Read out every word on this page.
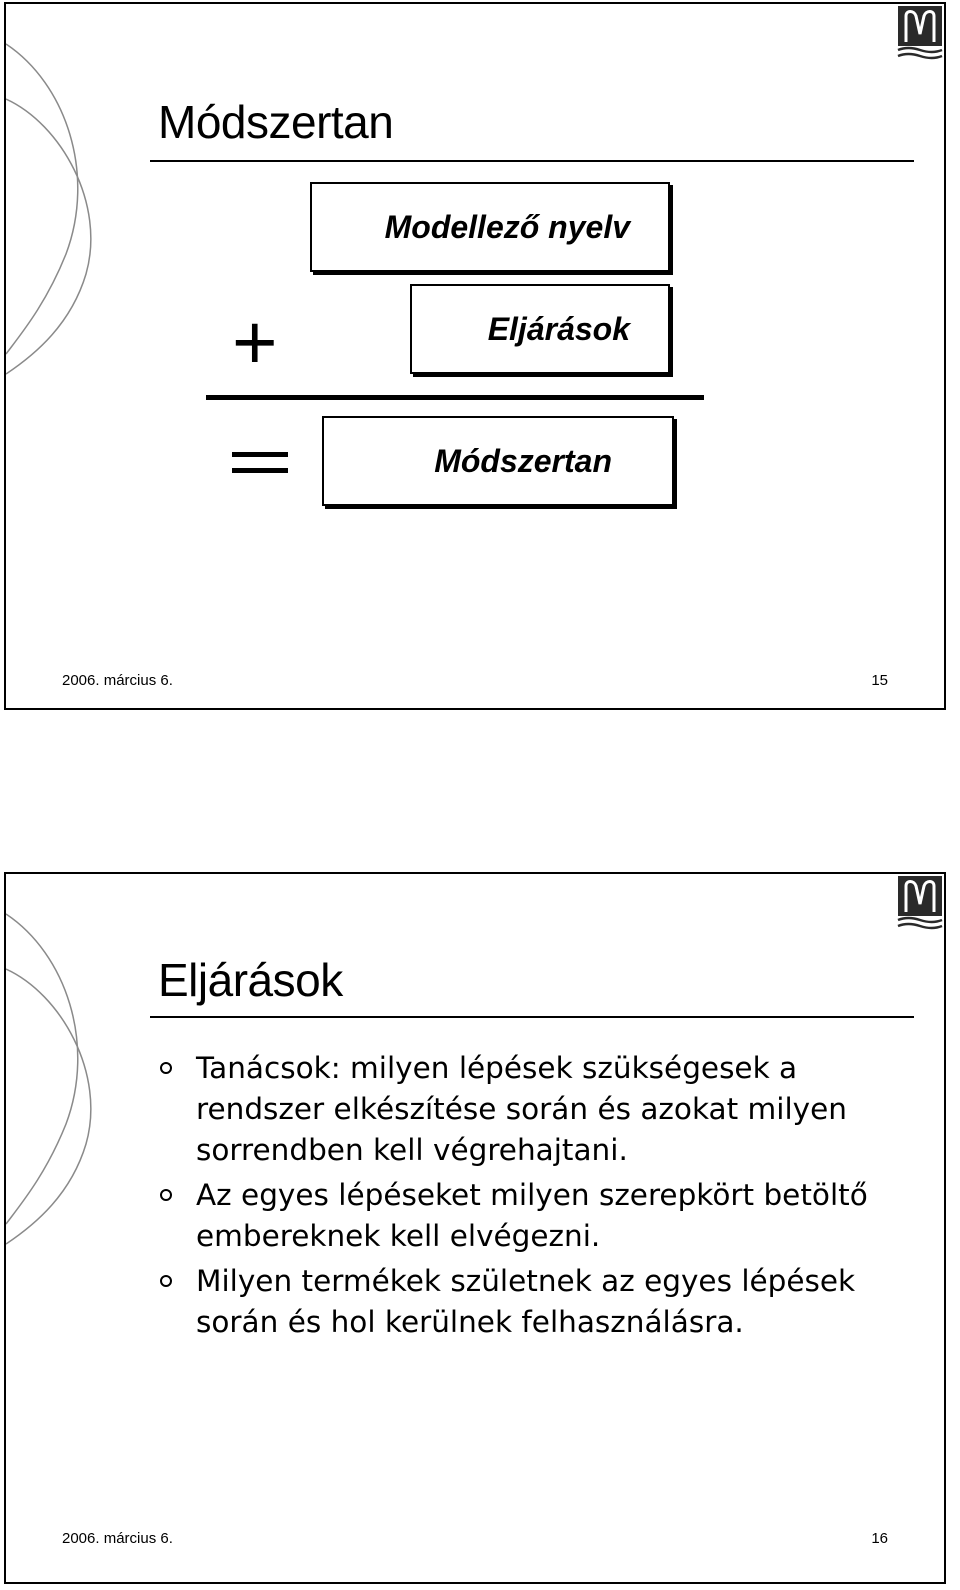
Módszertan
Modellező nyelv
+	Eljárások
Módszertan
2006. március 6.	15
Eljárások
Tanácsok: milyen lépések szükségesek a rendszer elkészítése során és azokat milyen sorrendben kell végrehajtani.
Az egyes lépéseket milyen szerepkört betöltő embereknek kell elvégezni.
Milyen termékek születnek az egyes lépések során és hol kerülnek felhasználásra.
2006. március 6.	16
